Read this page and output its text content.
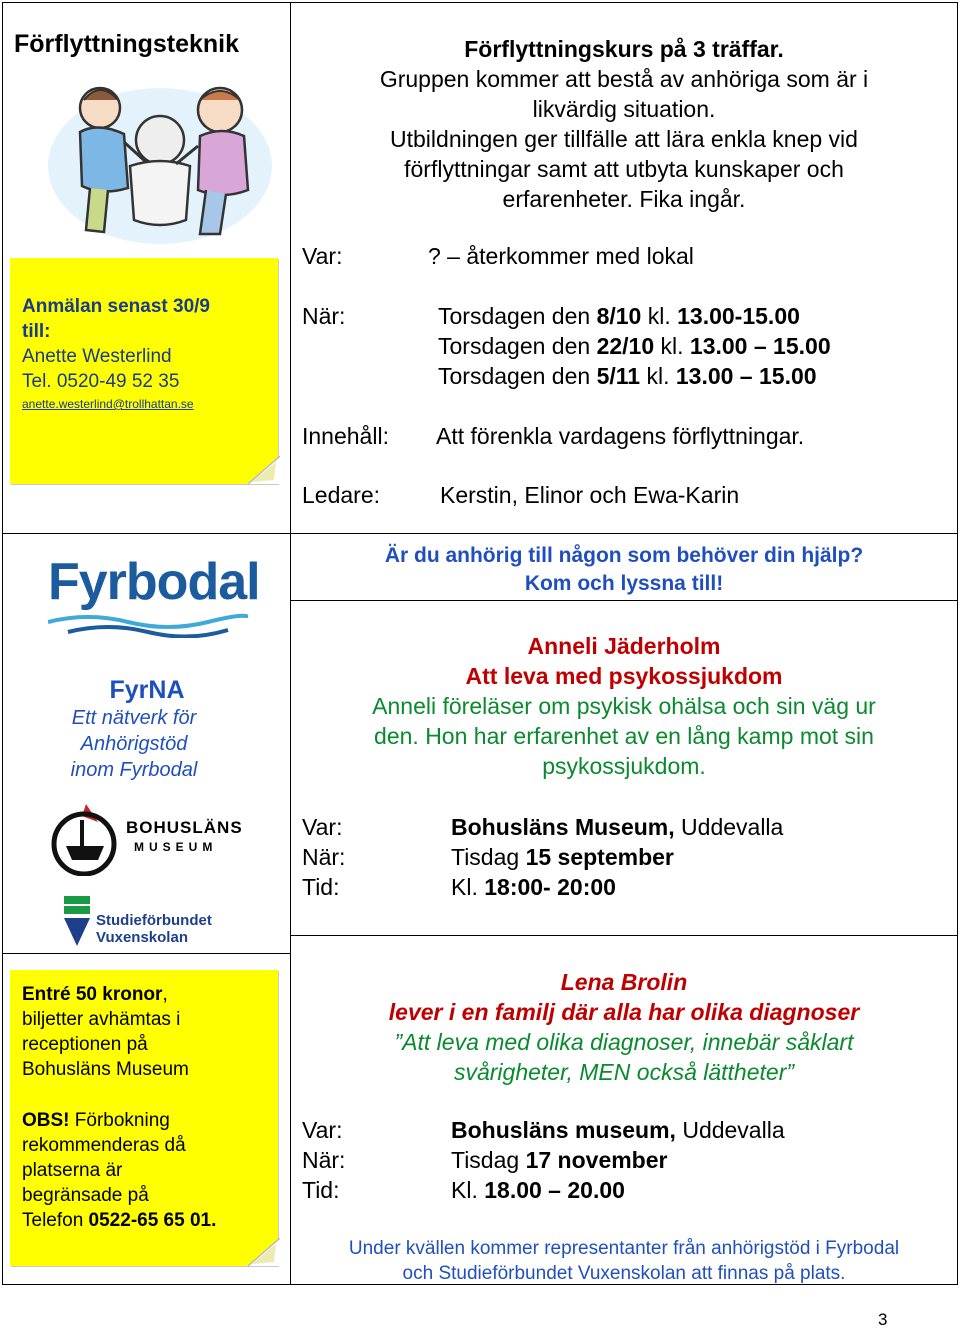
Förflyttningsteknik
Anmälan senast 30/9
till:
Anette Westerlind
Tel. 0520-49 52 35
anette.westerlind@trollhattan.se
Fyrbodal
FyrNA
Ett nätverk för
Anhörigstöd
inom Fyrbodal
BOHUSLÄNS
MUSEUM
Studieförbundet
Vuxenskolan
Entré 50 kronor,
biljetter avhämtas i
receptionen på
Bohusläns Museum
OBS! Förbokning
rekommenderas då
platserna är
begränsade på
Telefon 0522-65 65 01.
Förflyttningskurs på 3 träffar.
Gruppen kommer att bestå av anhöriga som är i
likvärdig situation.
Utbildningen ger tillfälle att lära enkla knep vid
förflyttningar samt att utbyta kunskaper och
erfarenheter. Fika ingår.
Var:	? – återkommer med lokal
När:	Torsdagen den 8/10 kl. 13.00-15.00
Torsdagen den 22/10 kl. 13.00 – 15.00
Torsdagen den 5/11 kl. 13.00 – 15.00
Innehåll: Att förenkla vardagens förflyttningar.
Ledare:	Kerstin, Elinor och Ewa-Karin
Är du anhörig till någon som behöver din hjälp?
Kom och lyssna till!
Anneli Jäderholm
Att leva med psykossjukdom
Anneli föreläser om psykisk ohälsa och sin väg ur
den. Hon har erfarenhet av en lång kamp mot sin
psykossjukdom.
Var:	Bohusläns Museum, Uddevalla
När:	Tisdag 15 september
Tid:	Kl. 18:00- 20:00
Lena Brolin
lever i en familj där alla har olika diagnoser
”Att leva med olika diagnoser, innebär såklart
svårigheter, MEN också lättheter”
Var:	Bohusläns museum, Uddevalla
När:	Tisdag 17 november
Tid:	Kl. 18.00 – 20.00
Under kvällen kommer representanter från anhörigstöd i Fyrbodal
och Studieförbundet Vuxenskolan att finnas på plats.
3
